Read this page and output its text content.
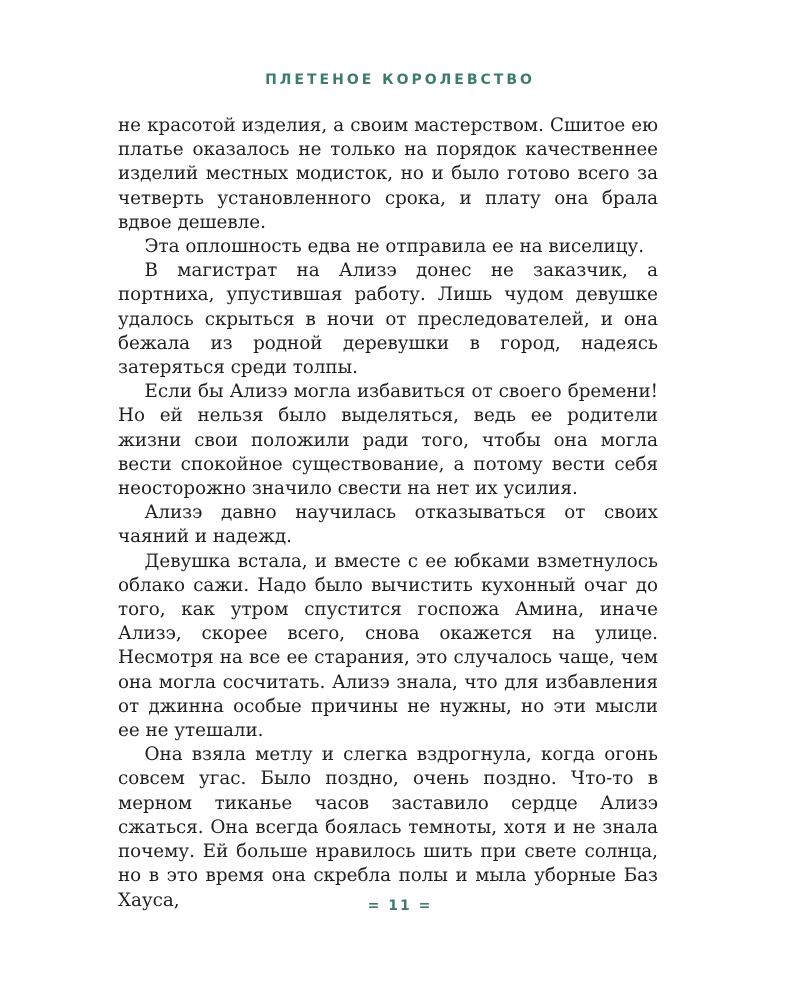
ПЛЕТЕНОЕ КОРОЛЕВСТВО

не красотой изделия, а своим мастерством. Сшитое ею платье оказалось не только на порядок качественнее изделий местных модисток, но и было готово всего за четверть установленного срока, и плату она брала вдвое дешевле.

Эта оплошность едва не отправила ее на виселицу.

В магистрат на Ализэ донес не заказчик, а портниха, упустившая работу. Лишь чудом девушке удалось скрыться в ночи от преследователей, и она бежала из родной деревушки в город, надеясь затеряться среди толпы.

Если бы Ализэ могла избавиться от своего бремени! Но ей нельзя было выделяться, ведь ее родители жизни свои положили ради того, чтобы она могла вести спокойное существование, а потому вести себя неосторожно значило свести на нет их усилия.

Ализэ давно научилась отказываться от своих чаяний и надежд.

Девушка встала, и вместе с ее юбками взметнулось облако сажи. Надо было вычистить кухонный очаг до того, как утром спустится госпожа Амина, иначе Ализэ, скорее всего, снова окажется на улице. Несмотря на все ее старания, это случалось чаще, чем она могла сосчитать. Ализэ знала, что для избавления от джинна особые причины не нужны, но эти мысли ее не утешали.

Она взяла метлу и слегка вздрогнула, когда огонь совсем угас. Было поздно, очень поздно. Что-то в мерном тиканье часов заставило сердце Ализэ сжаться. Она всегда боялась темноты, хотя и не знала почему. Ей больше нравилось шить при свете солнца, но в это время она скребла полы и мыла уборные Баз Хауса,	= 11 =
